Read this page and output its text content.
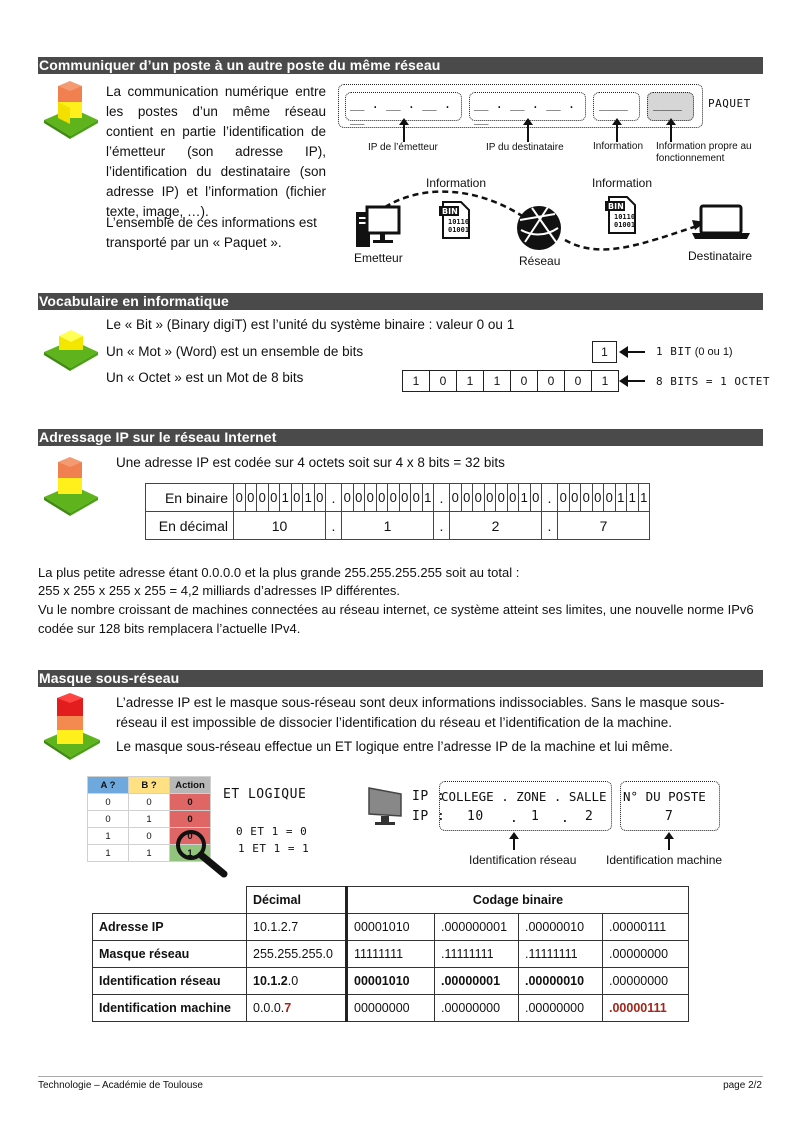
Communiquer d’un poste à un autre poste du même réseau
La communication numérique entre les postes d’un même réseau contient en partie l’identification de l’émetteur (son adresse IP), l’identification du destinataire (son adresse IP) et l’information (fichier texte, image, …).
L’ensemble de ces informations est transporté par un « Paquet ».
__ . __ . __ . __
__ . __ . __ . __
____ ____ PAQUET
IP de l’émetteur	IP du destinataire	Information Information propre au fonctionnement
BIN
10110
01001
BIN
10110
01001
Information	Information
Emetteur	Réseau	Destinataire
Vocabulaire en informatique
Le « Bit » (Binary digiT) est l’unité du système binaire : valeur 0 ou 1
Un « Mot » (Word) est un ensemble de bits
Un « Octet » est un Mot de 8 bits
1	1 BIT (0 ou 1)
1	0	1	1	0	0	0	1	8 BITS = 1 OCTET
Adressage IP sur le réseau Internet
Une adresse IP est codée sur 4 octets soit sur 4 x 8 bits = 32 bits
En binaire	0	0	0	0	1	0	1	0	.	0	0	0	0	0	0	0	1	.	0	0	0	0	0	0	1	0	.	0	0	0	0	0	1	1	1
En décimal	10								.	1								.	2								.	7							
La plus petite adresse étant 0.0.0.0 et la plus grande 255.255.255.255 soit au total :
255 x 255 x 255 x 255 = 4,2 milliards d’adresses IP différentes.
Vu le nombre croissant de machines connectées au réseau internet, ce système atteint ses limites, une nouvelle norme IPv6 codée sur 128 bits remplacera l’actuelle IPv4.
Masque sous-réseau
L’adresse IP est le masque sous-réseau sont deux informations indissociables. Sans le masque sous-réseau il est impossible de dissocier l’identification du réseau et l’identification de la machine.
Le masque sous-réseau effectue un ET logique entre l’adresse IP de la machine et lui même.
A ?	B ?	Action
0	0	0
0	1	0
1	0	0
1	1	1
ET LOGIQUE
0 ET 1 = 0
1 ET 1 = 1
IP :
IP :
COLLEGE . ZONE . SALLE N° DU POSTE
10 . 1 . 2	7
Identification réseau Identification machine
	Décimal	Codage binaire			
Adresse IP	10.1.2.7	00001010	.000000001	.00000010	.00000111
Masque réseau	255.255.255.0	11111111	.11111111	.11111111	.00000000
Identification réseau	10.1.2.0	00001010	.00000001	.00000010	.00000000
Identification machine	0.0.0.7	00000000	.00000000	.00000000	.00000111
Technologie – Académie de Toulouse	page 2/2
